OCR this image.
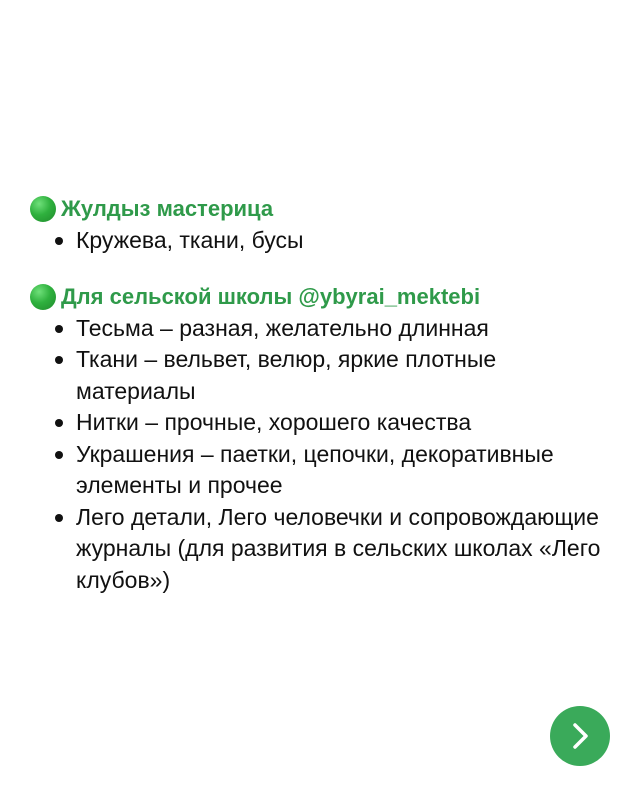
Жулдыз мастерица
Кружева, ткани, бусы
Для сельской школы @ybyrai_mektebi
Тесьма – разная, желательно длинная
Ткани – вельвет, велюр, яркие плотные материалы
Нитки – прочные, хорошего качества
Украшения – паетки, цепочки, декоративные элементы и прочее
Лего детали, Лего человечки и сопровождающие журналы (для развития в сельских школах «Лего клубов»)
